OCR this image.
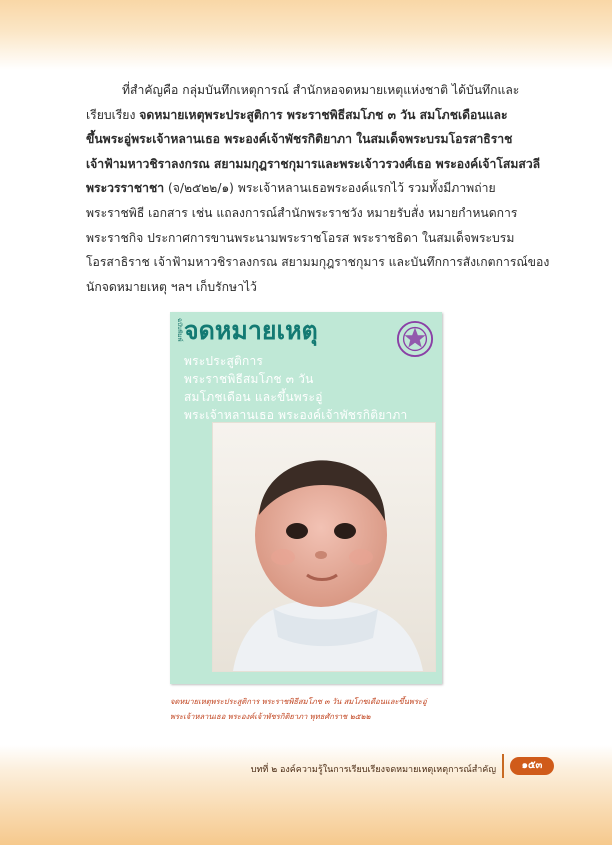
ที่สำคัญคือ กลุ่มบันทึกเหตุการณ์ สำนักหอจดหมายเหตุแห่งชาติ ได้บันทึกและ

เรียบเรียง จดหมายเหตุพระประสูติการ พระราชพิธีสมโภช ๓ วัน สมโภชเดือนและ

ขึ้นพระอู่พระเจ้าหลานเธอ พระองค์เจ้าพัชรกิติยาภา ในสมเด็จพระบรมโอรสาธิราช

เจ้าฟ้ามหาวชิราลงกรณ สยามมกุฎราชกุมารและพระเจ้าวรวงศ์เธอ พระองค์เจ้าโสมสวลี

พระวรราชาชา (จ/๒๕๒๒/๑) พระเจ้าหลานเธอพระองค์แรกไว้ รวมทั้งมีภาพถ่าย

พระราชพิธี เอกสาร เช่น แถลงการณ์สำนักพระราชวัง หมายรับสั่ง หมายกำหนดการ

พระราชกิจ ประกาศการขานพระนามพระราชโอรส พระราชธิดา ในสมเด็จพระบรม

โอรสาธิราช เจ้าฟ้ามหาวชิราลงกรณ สยามมกุฎราชกุมาร และบันทึกการสังเกตการณ์ของ

นักจดหมายเหตุ ฯลฯ เก็บรักษาไว้

ฉบับพิมพ์ จดหมายเหตุ
พระประสูติการ
พระราชพิธีสมโภช ๓ วัน
สมโภชเดือน และขึ้นพระอู่
พระเจ้าหลานเธอ พระองค์เจ้าพัชรกิติยาภา
จดหมายเหตุพระประสูติการ พระราชพิธีสมโภช ๓ วัน สมโภชเดือนและขึ้นพระอู่
พระเจ้าหลานเธอ พระองค์เจ้าพัชรกิติยาภา พุทธศักราช ๒๕๒๒
บทที่ ๒ องค์ความรู้ในการเรียบเรียงจดหมายเหตุเหตุการณ์สำคัญ	๑๕๓
